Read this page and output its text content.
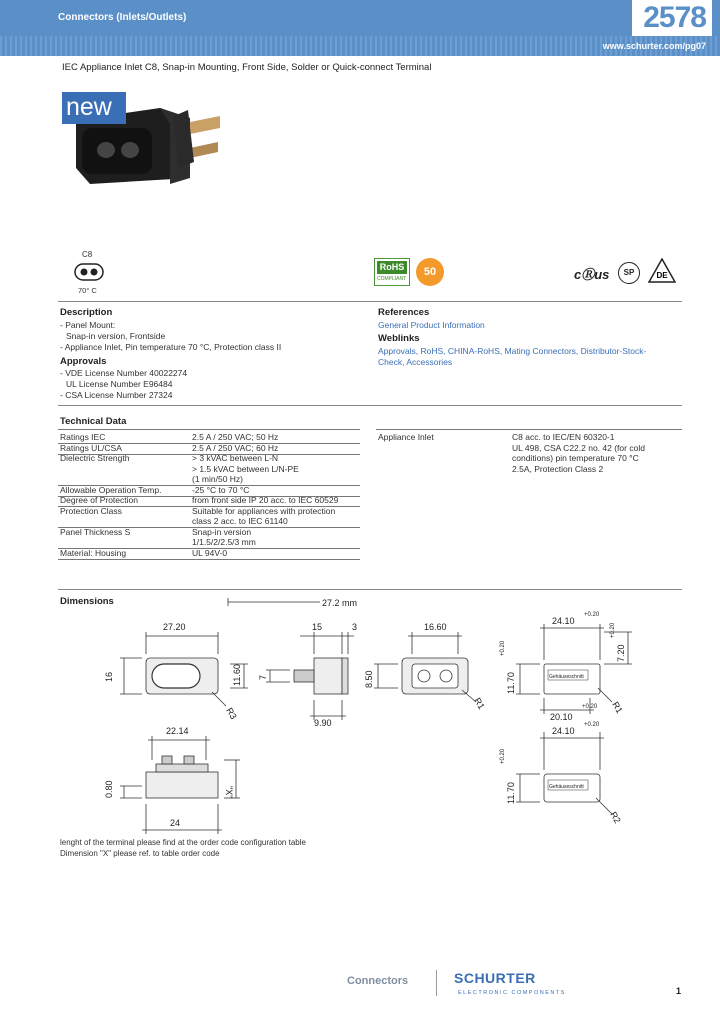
Connectors (Inlets/Outlets)
www.schurter.com/pg07
2578
IEC Appliance Inlet C8, Snap-in Mounting, Front Side, Solder or Quick-connect Terminal
new
C8
70° C
RoHS
COMPLIANT
50	cⓇus	SP	DE
Description
- Panel Mount:
Snap-in version, Frontside
- Appliance Inlet, Pin temperature 70 °C, Protection class II
Approvals
- VDE License Number 40022274
UL License Number E96484
- CSA License Number 27324
References
General Product Information
Weblinks
Approvals, RoHS, CHINA-RoHS, Mating Connectors, Distributor-Stock-
Check, Accessories
Technical Data
Ratings IEC	2.5 A / 250 VAC; 50 Hz
Ratings UL/CSA	2.5 A / 250 VAC; 60 Hz
Dielectric Strength	> 3 kVAC between L-N
> 1.5 kVAC between L/N-PE
(1 min/50 Hz)
Allowable Operation Temp.	-25 °C to 70 °C
Degree of Protection	from front side IP 20 acc. to IEC 60529
Protection Class	Suitable for appliances with protection
class 2 acc. to IEC 61140
Panel Thickness S	Snap-in version
1/1.5/2/2.5/3 mm
Material: Housing	UL 94V-0
Appliance Inlet	C8 acc. to IEC/EN 60320-1
UL 498, CSA C22.2 no. 42 (for cold
conditions) pin temperature 70 °C
2.5A, Protection Class 2
Dimensions	27.2 mm
27.20
16	11.60
R3
15	3
7
9.90
16.60
8.50
R1
24.10
+0.20
11.70
+0.20	7.20
+0.20
20.10
+0.20 R1
Gehäuseschnitt
22.14
0.80	"X"
24
24.10
+0.20
11.70
+0.20
R2
Gehäuseschnitt
lenght of the terminal please find at the order code configuration table
Dimension "X" please ref. to table order code
Connectors	SCHURTER
ELECTRONIC COMPONENTS	1
